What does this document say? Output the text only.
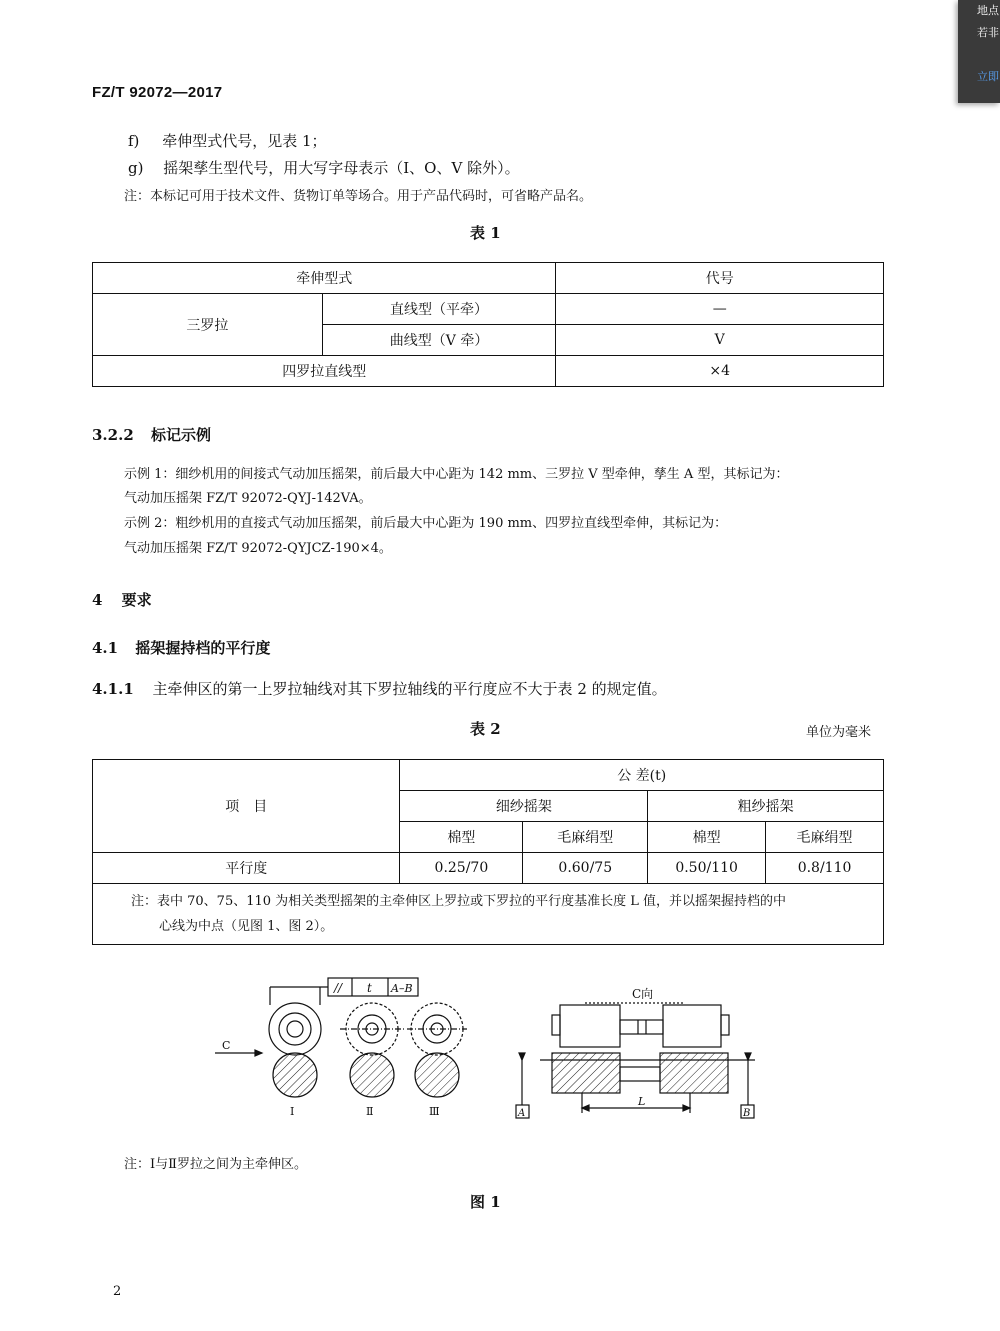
地点
若非
立即
FZ/T 92072—2017
f) 牵伸型式代号，见表 1；
g) 摇架孳生型代号，用大写字母表示（Ⅰ、O、V 除外）。
注：本标记可用于技术文件、货物订单等场合。用于产品代码时，可省略产品名。
表 1
牵伸型式		代号
三罗拉	直线型（平牵）	—
	曲线型（V 牵）	V
四罗拉直线型		×4
3.2.2 标记示例
示例 1：细纱机用的间接式气动加压摇架，前后最大中心距为 142 mm、三罗拉 V 型牵伸，孳生 A 型，其标记为：
气动加压摇架 FZ/T 92072-QYJ-142VA。
示例 2：粗纱机用的直接式气动加压摇架，前后最大中心距为 190 mm、四罗拉直线型牵伸，其标记为：
气动加压摇架 FZ/T 92072-QYJCZ-190×4。
4 要求
4.1 摇架握持档的平行度
4.1.1 主牵伸区的第一上罗拉轴线对其下罗拉轴线的平行度应不大于表 2 的规定值。
表 2	单位为毫米
项　目	公 差(t)			
	细纱摇架		粗纱摇架	
	棉型	毛麻绢型	棉型	毛麻绢型
平行度	0.25/70	0.60/75	0.50/110	0.8/110

注：表中 70、75、110 为相关类型摇架的主牵伸区上罗拉或下罗拉的平行度基准长度 L 值，并以摇架握持档的中
心线为中点（见图 1、图 2）。				
// t A–B
C
Ⅰ	Ⅱ	Ⅲ
C向
L
A	B
注：Ⅰ与Ⅱ罗拉之间为主牵伸区。
图 1
2
